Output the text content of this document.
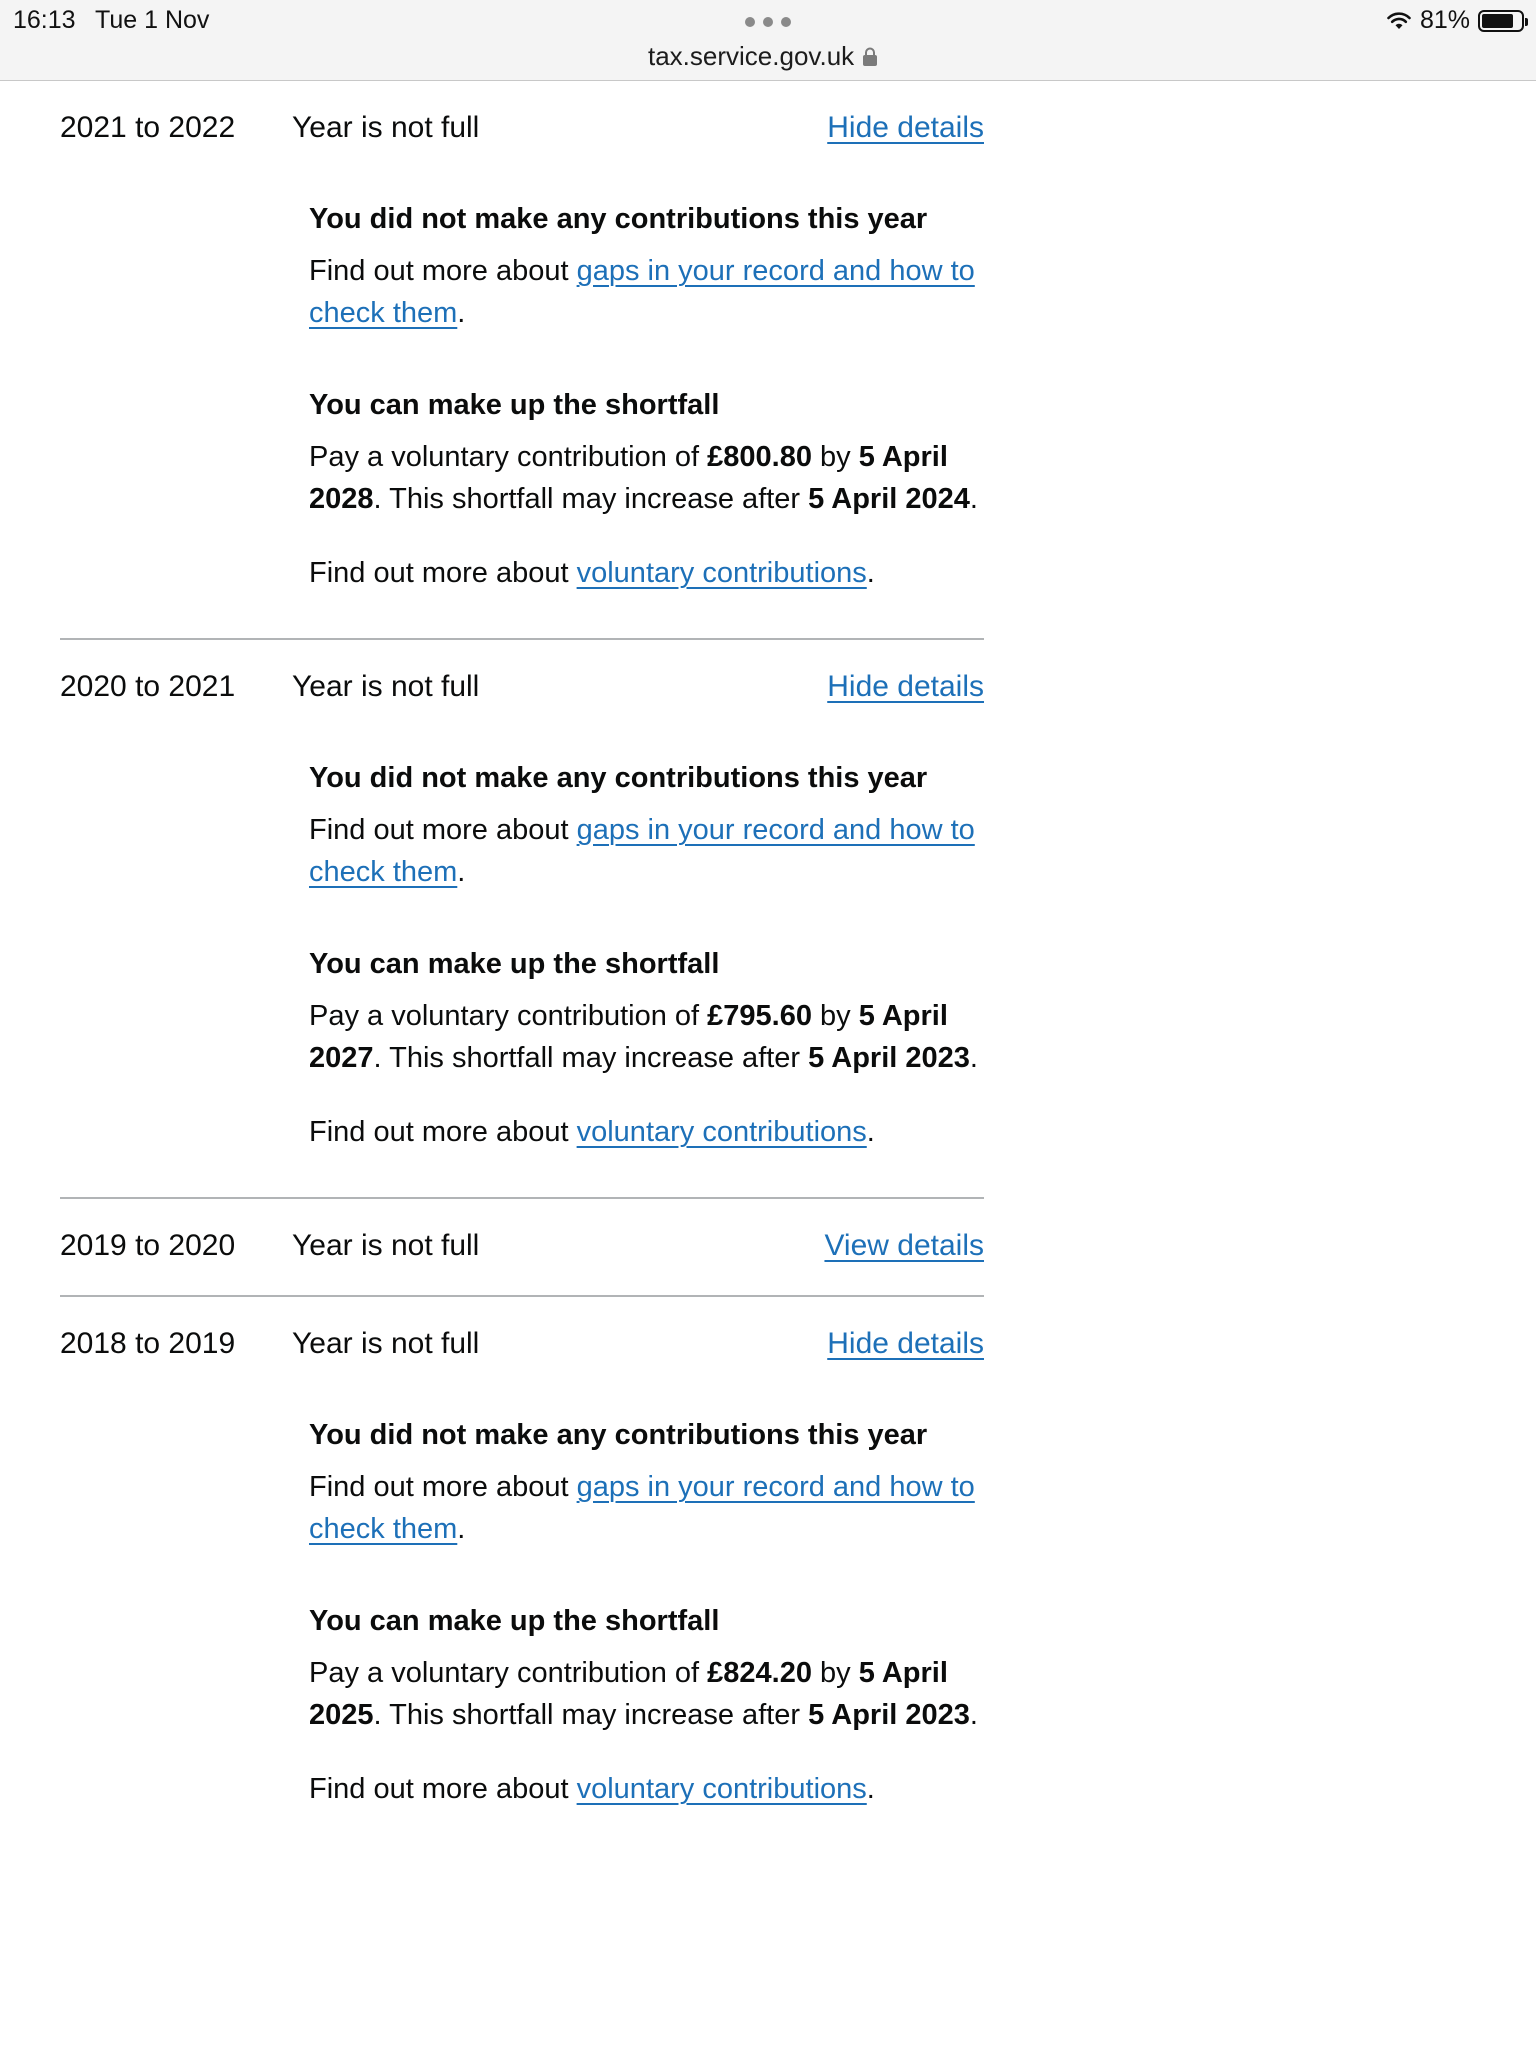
16:13 Tue 1 Nov
tax.service.gov.uk
81%
2021 to 2022 Year is not full	Hide details

You did not make any contributions this year

Find out more about gaps in your record and how to check them.

You can make up the shortfall

Pay a voluntary contribution of £800.80 by 5 April 2028. This shortfall may increase after 5 April 2024.

Find out more about voluntary contributions.

2020 to 2021 Year is not full	Hide details

You did not make any contributions this year

Find out more about gaps in your record and how to check them.

You can make up the shortfall

Pay a voluntary contribution of £795.60 by 5 April 2027. This shortfall may increase after 5 April 2023.

Find out more about voluntary contributions.

2019 to 2020 Year is not full	View details
2018 to 2019 Year is not full	Hide details

You did not make any contributions this year

Find out more about gaps in your record and how to check them.

You can make up the shortfall

Pay a voluntary contribution of £824.20 by 5 April 2025. This shortfall may increase after 5 April 2023.

Find out more about voluntary contributions.
